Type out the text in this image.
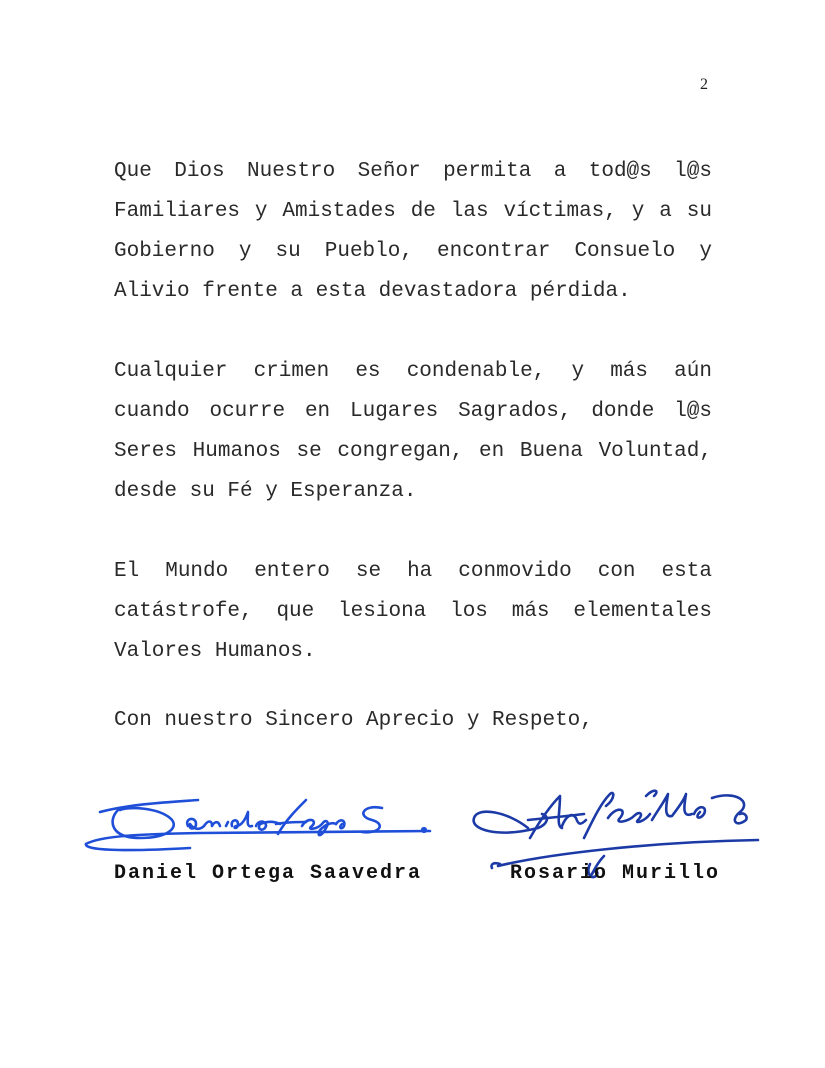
2
Que Dios Nuestro Señor permita a tod@s l@s
Familiares y Amistades de las víctimas, y a su
Gobierno y su Pueblo, encontrar Consuelo y
Alivio frente a esta devastadora pérdida.
Cualquier crimen es condenable, y más aún
cuando ocurre en Lugares Sagrados, donde l@s
Seres Humanos se congregan, en Buena Voluntad,
desde su Fé y Esperanza.
El Mundo entero se ha conmovido con esta
catástrofe, que lesiona los más elementales
Valores Humanos.
Con nuestro Sincero Aprecio y Respeto,
Daniel Ortega Saavedra	Rosario Murillo
